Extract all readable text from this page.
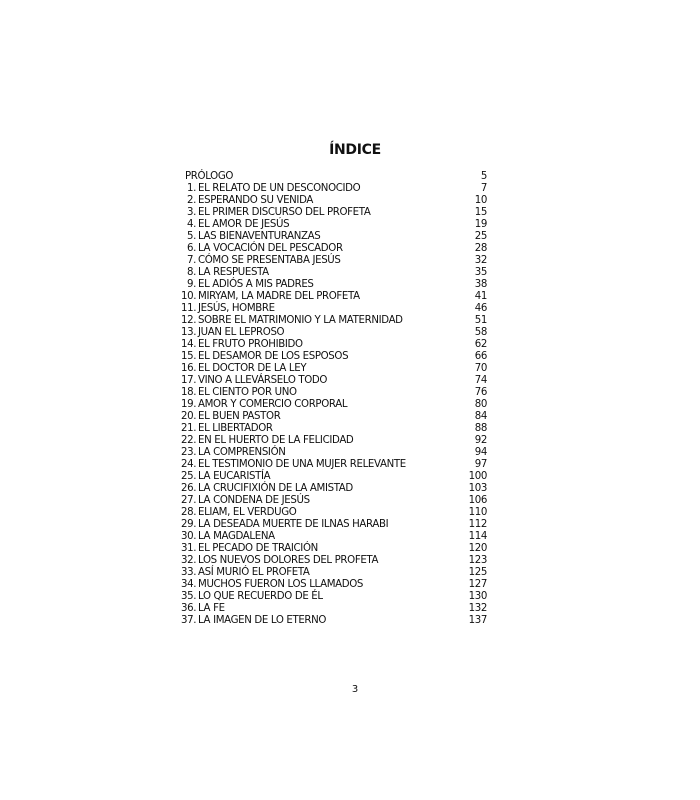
ÍNDICE
PRÓLOGO	5
1. EL RELATO DE UN DESCONOCIDO	7
2. ESPERANDO SU VENIDA	10
3. EL PRIMER DISCURSO DEL PROFETA	15
4. EL AMOR DE JESÚS	19
5. LAS BIENAVENTURANZAS	25
6. LA VOCACIÓN DEL PESCADOR	28
7. CÓMO SE PRESENTABA JESÚS	32
8. LA RESPUESTA	35
9. EL ADIÓS A MIS PADRES	38
10. MIRYAM, LA MADRE DEL PROFETA	41
11. JESÚS, HOMBRE	46
12. SOBRE EL MATRIMONIO Y LA MATERNIDAD	51
13. JUAN EL LEPROSO	58
14. EL FRUTO PROHIBIDO	62
15. EL DESAMOR DE LOS ESPOSOS	66
16. EL DOCTOR DE LA LEY	70
17. VINO A LLEVÁRSELO TODO	74
18. EL CIENTO POR UNO	76
19. AMOR Y COMERCIO CORPORAL	80
20. EL BUEN PASTOR	84
21. EL LIBERTADOR	88
22. EN EL HUERTO DE LA FELICIDAD	92
23. LA COMPRENSIÓN	94
24. EL TESTIMONIO DE UNA MUJER RELEVANTE	97
25. LA EUCARISTÍA	100
26. LA CRUCIFIXIÓN DE LA AMISTAD	103
27. LA CONDENA DE JESÚS	106
28. ELIAM, EL VERDUGO	110
29. LA DESEADA MUERTE DE ILNAS HARABI	112
30. LA MAGDALENA	114
31. EL PECADO DE TRAICIÓN	120
32. LOS NUEVOS DOLORES DEL PROFETA	123
33. ASÍ MURIÓ EL PROFETA	125
34. MUCHOS FUERON LOS LLAMADOS	127
35. LO QUE RECUERDO DE ÉL	130
36. LA FE	132
37. LA IMAGEN DE LO ETERNO	137
3
